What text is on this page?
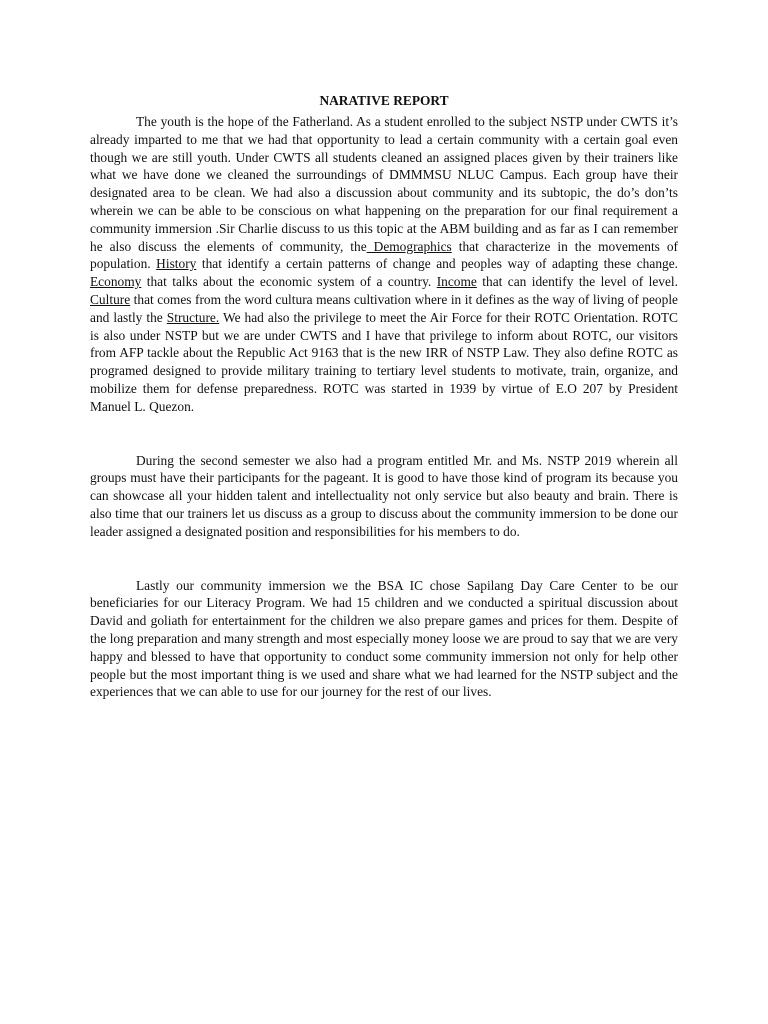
NARATIVE REPORT

The youth is the hope of the Fatherland. As a student enrolled to the subject NSTP under CWTS it’s already imparted to me that we had that opportunity to lead a certain community with a certain goal even though we are still youth. Under CWTS all students cleaned an assigned places given by their trainers like what we have done we cleaned the surroundings of DMMMSU NLUC Campus. Each group have their designated area to be clean. We had also a discussion about community and its subtopic, the do’s don’ts wherein we can be able to be conscious on what happening on the preparation for our final requirement a community immersion .Sir Charlie discuss to us this topic at the ABM building and as far as I can remember he also discuss the elements of community, the Demographics that characterize in the movements of population. History that identify a certain patterns of change and peoples way of adapting these change. Economy that talks about the economic system of a country. Income that can identify the level of level. Culture that comes from the word cultura means cultivation where in it defines as the way of living of people and lastly the Structure. We had also the privilege to meet the Air Force for their ROTC Orientation. ROTC is also under NSTP but we are under CWTS and I have that privilege to inform about ROTC, our visitors from AFP tackle about the Republic Act 9163 that is the new IRR of NSTP Law. They also define ROTC as programed designed to provide military training to tertiary level students to motivate, train, organize, and mobilize them for defense preparedness. ROTC was started in 1939 by virtue of E.O 207 by President Manuel L. Quezon.

During the second semester we also had a program entitled Mr. and Ms. NSTP 2019 wherein all groups must have their participants for the pageant. It is good to have those kind of program its because you can showcase all your hidden talent and intellectuality not only service but also beauty and brain. There is also time that our trainers let us discuss as a group to discuss about the community immersion to be done our leader assigned a designated position and responsibilities for his members to do.

Lastly our community immersion we the BSA IC chose Sapilang Day Care Center to be our beneficiaries for our Literacy Program. We had 15 children and we conducted a spiritual discussion about David and goliath for entertainment for the children we also prepare games and prices for them. Despite of the long preparation and many strength and most especially money loose we are proud to say that we are very happy and blessed to have that opportunity to conduct some community immersion not only for help other people but the most important thing is we used and share what we had learned for the NSTP subject and the experiences that we can able to use for our journey for the rest of our lives.
